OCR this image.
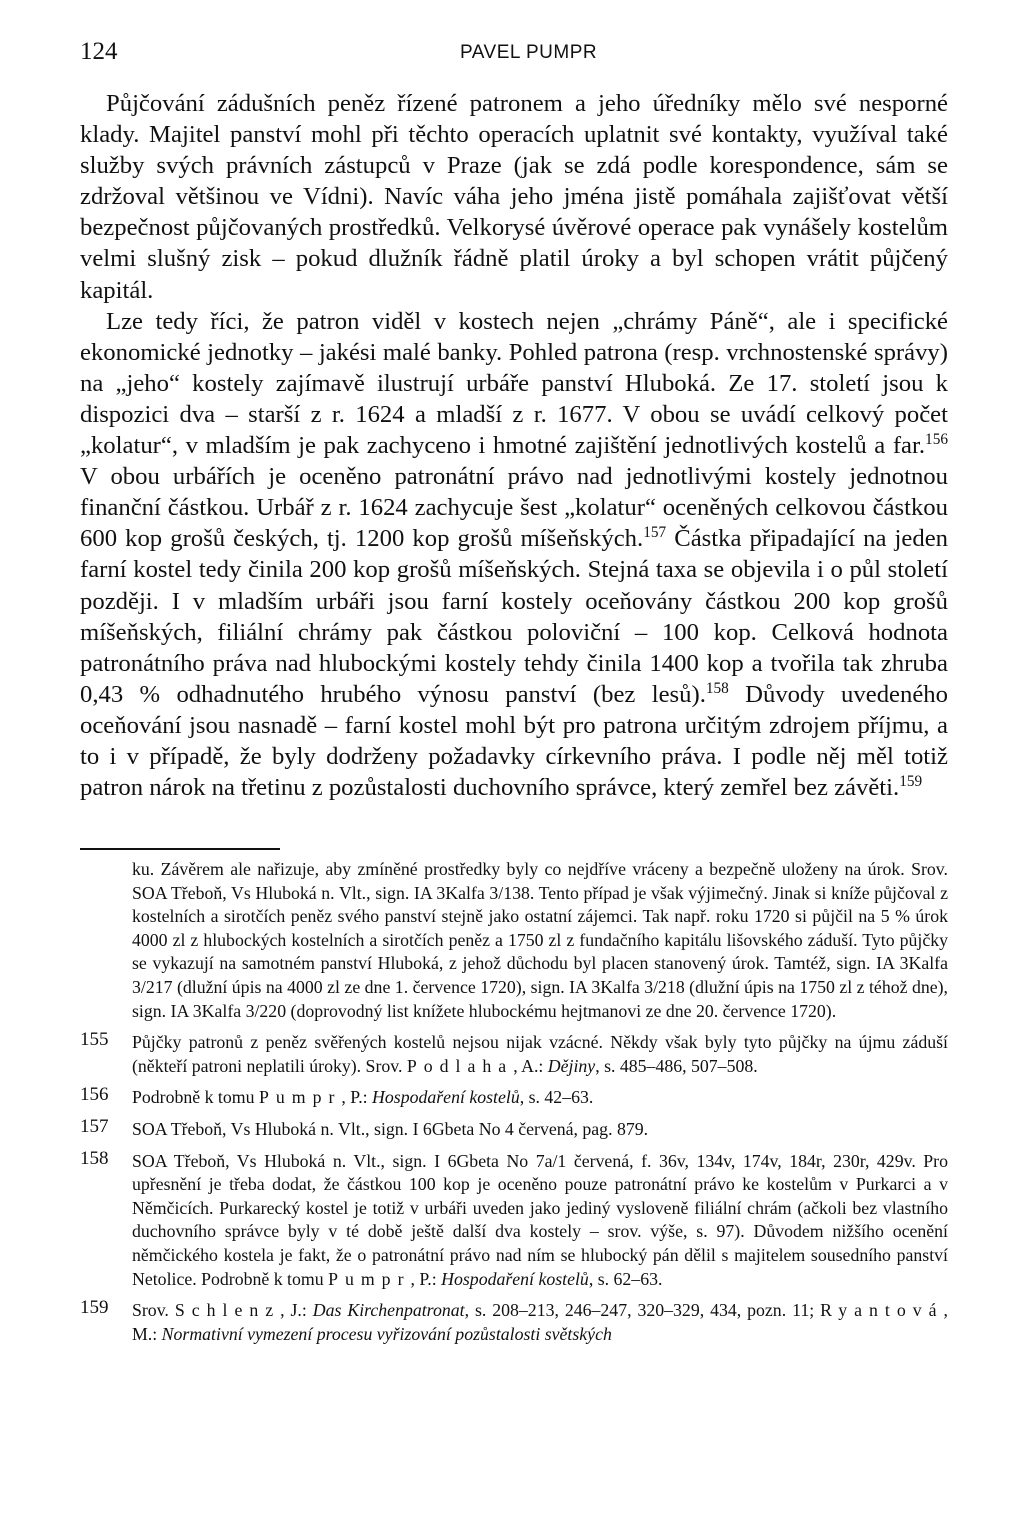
124	PAVEL PUMPR

Půjčování zádušních peněz řízené patronem a jeho úředníky mělo své nesporné klady. Majitel panství mohl při těchto operacích uplatnit své kontakty, využíval také služby svých právních zástupců v Praze (jak se zdá podle korespondence, sám se zdržoval většinou ve Vídni). Navíc váha jeho jména jistě pomáhala zajišťovat větší bezpečnost půjčovaných prostředků. Velkorysé úvěrové operace pak vynášely kostelům velmi slušný zisk – pokud dlužník řádně platil úroky a byl schopen vrátit půjčený kapitál.

Lze tedy říci, že patron viděl v kostech nejen „chrámy Páně“, ale i specifické ekonomické jednotky – jakési malé banky. Pohled patrona (resp. vrchnostenské správy) na „jeho“ kostely zajímavě ilustrují urbáře panství Hluboká. Ze 17. století jsou k dispozici dva – starší z r. 1624 a mladší z r. 1677. V obou se uvádí celkový počet „kolatur“, v mladším je pak zachyceno i hmotné zajištění jednotlivých kostelů a far.$^{156}$ V obou urbářích je oceněno patronátní právo nad jednotlivými kostely jednotnou finanční částkou. Urbář z r. 1624 zachycuje šest „kolatur“ oceněných celkovou částkou 600 kop grošů českých, tj. 1200 kop grošů míšeňských.$^{157}$ Částka připadající na jeden farní kostel tedy činila 200 kop grošů míšeňských. Stejná taxa se objevila i o půl století později. I v mladším urbáři jsou farní kostely oceňovány částkou 200 kop grošů míšeňských, filiální chrámy pak částkou poloviční – 100 kop. Celková hodnota patronátního práva nad hlubockými kostely tehdy činila 1400 kop a tvořila tak zhruba 0,43 % odhadnutého hrubého výnosu panství (bez lesů).$^{158}$ Důvody uvedeného oceňování jsou nasnadě – farní kostel mohl být pro patrona určitým zdrojem příjmu, a to i v případě, že byly dodrženy požadavky církevního práva. I podle něj měl totiž patron nárok na třetinu z pozůstalosti duchovního správce, který zemřel bez závěti.$^{159}$

ku. Závěrem ale nařizuje, aby zmíněné prostředky byly co nejdříve vráceny a bezpečně uloženy na úrok. Srov. SOA Třeboň, Vs Hluboká n. Vlt., sign. IA 3Kalfa 3/138. Tento případ je však výjimečný. Jinak si kníže půjčoval z kostelních a sirotčích peněz svého panství stejně jako ostatní zájemci. Tak např. roku 1720 si půjčil na 5 % úrok 4000 zl z hlubockých kostelních a sirotčích peněz a 1750 zl z fundačního kapitálu lišovského záduší. Tyto půjčky se vykazují na samotném panství Hluboká, z jehož důchodu byl placen stanovený úrok. Tamtéž, sign. IA 3Kalfa 3/217 (dlužní úpis na 4000 zl ze dne 1. července 1720), sign. IA 3Kalfa 3/218 (dlužní úpis na 1750 zl z téhož dne), sign. IA 3Kalfa 3/220 (doprovodný list knížete hlubockému hejtmanovi ze dne 20. července 1720).
155	Půjčky patronů z peněz svěřených kostelů nejsou nijak vzácné. Někdy však byly tyto půjčky na újmu záduší (někteří patroni neplatili úroky). Srov. Podlaha, A.: Dějiny, s. 485–486, 507–508.
156	Podrobně k tomu Pumpr, P.: Hospodaření kostelů, s. 42–63.
157	SOA Třeboň, Vs Hluboká n. Vlt., sign. I 6Gbeta No 4 červená, pag. 879.
158	SOA Třeboň, Vs Hluboká n. Vlt., sign. I 6Gbeta No 7a/1 červená, f. 36v, 134v, 174v, 184r, 230r, 429v. Pro upřesnění je třeba dodat, že částkou 100 kop je oceněno pouze patronátní právo ke kostelům v Purkarci a v Němčicích. Purkarecký kostel je totiž v urbáři uveden jako jediný vysloveně filiální chrám (ačkoli bez vlastního duchovního správce byly v té době ještě další dva kostely – srov. výše, s. 97). Důvodem nižšího ocenění němčického kostela je fakt, že o patronátní právo nad ním se hlubocký pán dělil s majitelem sousedního panství Netolice. Podrobně k tomu Pumpr, P.: Hospodaření kostelů, s. 62–63.
159	Srov. Schlenz, J.: Das Kirchenpatronat, s. 208–213, 246–247, 320–329, 434, pozn. 11; Ryantová, M.: Normativní vymezení procesu vyřizování pozůstalosti světských
